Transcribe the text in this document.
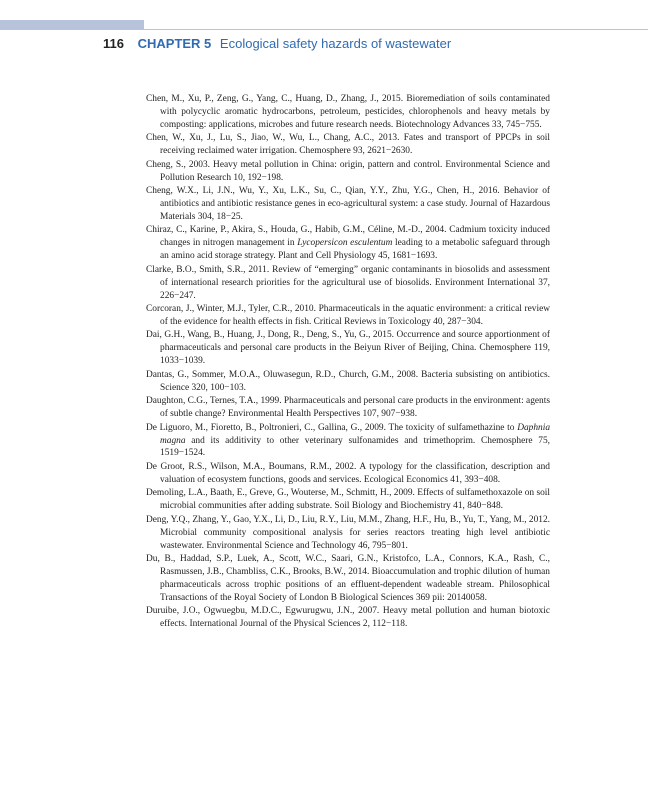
116 CHAPTER 5 Ecological safety hazards of wastewater
Chen, M., Xu, P., Zeng, G., Yang, C., Huang, D., Zhang, J., 2015. Bioremediation of soils contaminated with polycyclic aromatic hydrocarbons, petroleum, pesticides, chlorophenols and heavy metals by composting: applications, microbes and future research needs. Biotechnology Advances 33, 745−755.
Chen, W., Xu, J., Lu, S., Jiao, W., Wu, L., Chang, A.C., 2013. Fates and transport of PPCPs in soil receiving reclaimed water irrigation. Chemosphere 93, 2621−2630.
Cheng, S., 2003. Heavy metal pollution in China: origin, pattern and control. Environmental Science and Pollution Research 10, 192−198.
Cheng, W.X., Li, J.N., Wu, Y., Xu, L.K., Su, C., Qian, Y.Y., Zhu, Y.G., Chen, H., 2016. Behavior of antibiotics and antibiotic resistance genes in eco-agricultural system: a case study. Journal of Hazardous Materials 304, 18−25.
Chiraz, C., Karine, P., Akira, S., Houda, G., Habib, G.M., Céline, M.-D., 2004. Cadmium toxicity induced changes in nitrogen management in Lycopersicon esculentum leading to a metabolic safeguard through an amino acid storage strategy. Plant and Cell Physiology 45, 1681−1693.
Clarke, B.O., Smith, S.R., 2011. Review of “emerging” organic contaminants in biosolids and assessment of international research priorities for the agricultural use of biosolids. Environment International 37, 226−247.
Corcoran, J., Winter, M.J., Tyler, C.R., 2010. Pharmaceuticals in the aquatic environment: a critical review of the evidence for health effects in fish. Critical Reviews in Toxicology 40, 287−304.
Dai, G.H., Wang, B., Huang, J., Dong, R., Deng, S., Yu, G., 2015. Occurrence and source apportionment of pharmaceuticals and personal care products in the Beiyun River of Beijing, China. Chemosphere 119, 1033−1039.
Dantas, G., Sommer, M.O.A., Oluwasegun, R.D., Church, G.M., 2008. Bacteria subsisting on antibiotics. Science 320, 100−103.
Daughton, C.G., Ternes, T.A., 1999. Pharmaceuticals and personal care products in the environment: agents of subtle change? Environmental Health Perspectives 107, 907−938.
De Liguoro, M., Fioretto, B., Poltronieri, C., Gallina, G., 2009. The toxicity of sulfamethazine to Daphnia magna and its additivity to other veterinary sulfonamides and trimethoprim. Chemosphere 75, 1519−1524.
De Groot, R.S., Wilson, M.A., Boumans, R.M., 2002. A typology for the classification, description and valuation of ecosystem functions, goods and services. Ecological Economics 41, 393−408.
Demoling, L.A., Baath, E., Greve, G., Wouterse, M., Schmitt, H., 2009. Effects of sulfamethoxazole on soil microbial communities after adding substrate. Soil Biology and Biochemistry 41, 840−848.
Deng, Y.Q., Zhang, Y., Gao, Y.X., Li, D., Liu, R.Y., Liu, M.M., Zhang, H.F., Hu, B., Yu, T., Yang, M., 2012. Microbial community compositional analysis for series reactors treating high level antibiotic wastewater. Environmental Science and Technology 46, 795−801.
Du, B., Haddad, S.P., Luek, A., Scott, W.C., Saari, G.N., Kristofco, L.A., Connors, K.A., Rash, C., Rasmussen, J.B., Chambliss, C.K., Brooks, B.W., 2014. Bioaccumulation and trophic dilution of human pharmaceuticals across trophic positions of an effluent-dependent wadeable stream. Philosophical Transactions of the Royal Society of London B Biological Sciences 369 pii: 20140058.
Duruibe, J.O., Ogwuegbu, M.D.C., Egwurugwu, J.N., 2007. Heavy metal pollution and human biotoxic effects. International Journal of the Physical Sciences 2, 112−118.
